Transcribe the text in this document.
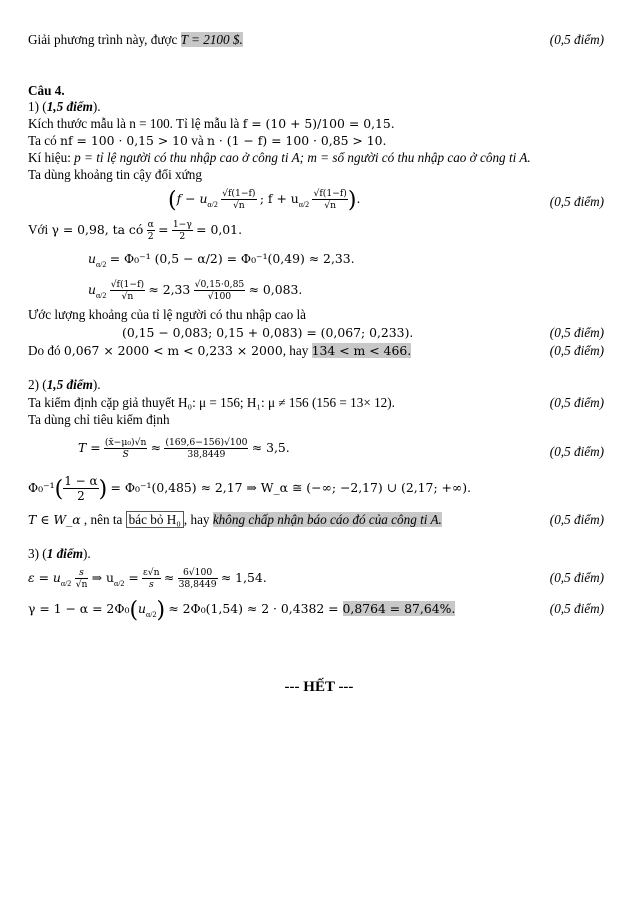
Giải phương trình này, được T = 2100 $.	(0,5 điểm)
Câu 4.
1) (1,5 điểm).
Kích thước mẫu là n = 100. Tỉ lệ mẫu là f = (10 + 5)/100 = 0,15.
Ta có nf = 100 · 0,15 > 10 và n · (1 − f) = 100 · 0,85 > 10.
Kí hiệu: p = tỉ lệ người có thu nhập cao ở công ti A; m = số người có thu nhập cao ở công ti A.
Ta dùng khoảng tin cậy đối xứng
($f - u_{\alpha/2} \frac{√f(1-f)}{√n}$ ; $f + u_{\alpha/2} \frac{√f(1-f)}{√n}$ ).	(0,5 điểm)
Với γ = 0,98, ta có $\frac{\alpha}{2} = \frac{1-\gamma}{2} = 0,01$.
$u_{\alpha/2} = \Phi_0^{-1}$ (0,5 − α/2) = Φ₀⁻¹(0,49) ≈ 2,33.
$u_{\alpha/2} \frac{√f(1-f)}{√n} \approx 2,33 \frac{√0,15\cdot 0,85}{√100} \approx 0,083$.
Ước lượng khoảng của tỉ lệ người có thu nhập cao là
(0,15 − 0,083; 0,15 + 0,083) = (0,067; 0,233).	(0,5 điểm)
Do đó 0,067 × 2000 < m < 0,233 × 2000, hay 134 < m < 466.	(0,5 điểm)
2) (1,5 điểm).
Ta kiểm định cặp giả thuyết H₀: μ = 156; H₁: μ ≠ 156 (156 = 13× 12).	(0,5 điểm)
Ta dùng chỉ tiêu kiểm định
$T = \frac{\text{(x̄−μ₀)√n}}{S} \approx \frac{(169,6-156)√100}{38,8449} \approx 3,5$.	(0,5 điểm)
$\Phi_0^{-1}( \frac{1 - \alpha}{2}$ ) = Φ₀⁻¹(0,485) ≈ 2,17 ⇒ W_α ≅ (−∞; −2,17) ∪ (2,17; +∞).
T ∈ W_α , nên ta bác bỏ H₀ , hay không chấp nhận báo cáo đó của công ti A.	(0,5 điểm)
3) (1 điểm).
$\varepsilon = u_{\alpha/2} \frac{s}{√n}$ ⇒ $u_{\alpha/2} = \frac{\varepsilon√n}{s} \approx \frac{6√100}{38,8449} \approx 1,54$.	(0,5 điểm)
$\gamma = 1 - \alpha = 2\Phi_0(u_{\alpha/2}) \approx 2\Phi_0(1,54) \approx 2 \cdot 0,4382 = 0,8764 = 87,64\%$.	(0,5 điểm)
--- HẾT ---
